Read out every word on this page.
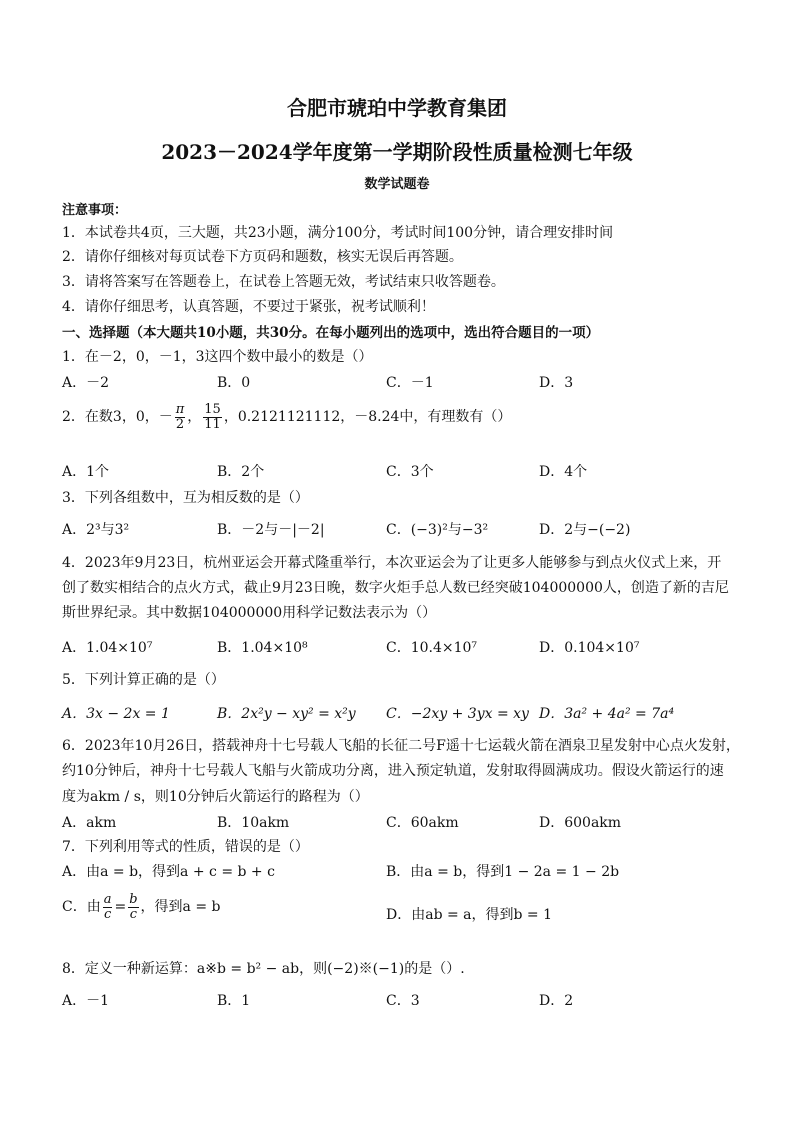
合肥市琥珀中学教育集团
2023－2024学年度第一学期阶段性质量检测七年级
数学试题卷
注意事项：
1．本试卷共4页，三大题，共23小题，满分100分，考试时间100分钟，请合理安排时间
2．请你仔细核对每页试卷下方页码和题数，核实无误后再答题。
3．请将答案写在答题卷上，在试卷上答题无效，考试结束只收答题卷。
4．请你仔细思考，认真答题，不要过于紧张，祝考试顺利！
一、选择题（本大题共10小题，共30分。在每小题列出的选项中，选出符合题目的一项）
1．在－2，0，－1，3这四个数中最小的数是（）
A．－2	B．0	C．－1	D．3
2．在数3，0，－ $\frac{\pi}{2}$ ， $\frac{15}{11}$ ，0.2121121112，－8.24中，有理数有（）
A．1个	B．2个	C．3个	D．4个
3．下列各组数中，互为相反数的是（）
A．2³与3²	B．－2与－|－2|	C．(−3)²与−3²	D．2与−(−2)
4．2023年9月23日，杭州亚运会开幕式隆重举行，本次亚运会为了让更多人能够参与到点火仪式上来，开
创了数实相结合的点火方式，截止9月23日晚，数字火炬手总人数已经突破104000000人，创造了新的吉尼
斯世界纪录。其中数据104000000用科学记数法表示为（）
A．1.04×10⁷	B．1.04×10⁸	C．10.4×10⁷	D．0.104×10⁷
5．下列计算正确的是（）
A．3x − 2x = 1	B．2x²y − xy² = x²y C．−2xy + 3yx = xy D．3a² + 4a² = 7a⁴
6．2023年10月26日，搭载神舟十七号载人飞船的长征二号F遥十七运载火箭在酒泉卫星发射中心点火发射，
约10分钟后，神舟十七号载人飞船与火箭成功分离，进入预定轨道，发射取得圆满成功。假设火箭运行的速
度为akm / s，则10分钟后火箭运行的路程为（）
A．akm	B．10akm	C．60akm	D．600akm
7．下列利用等式的性质，错误的是（）
A．由a = b，得到a + c = b + c	B．由a = b，得到1 − 2a = 1 − 2b
C．由 $\frac{a}{c} = \frac{b}{c}$ ，得到a = b	D．由ab = a，得到b = 1
8．定义一种新运算：a※b = b² − ab，则(−2)※(−1)的是（）.
A．－1	B．1	C．3	D．2
